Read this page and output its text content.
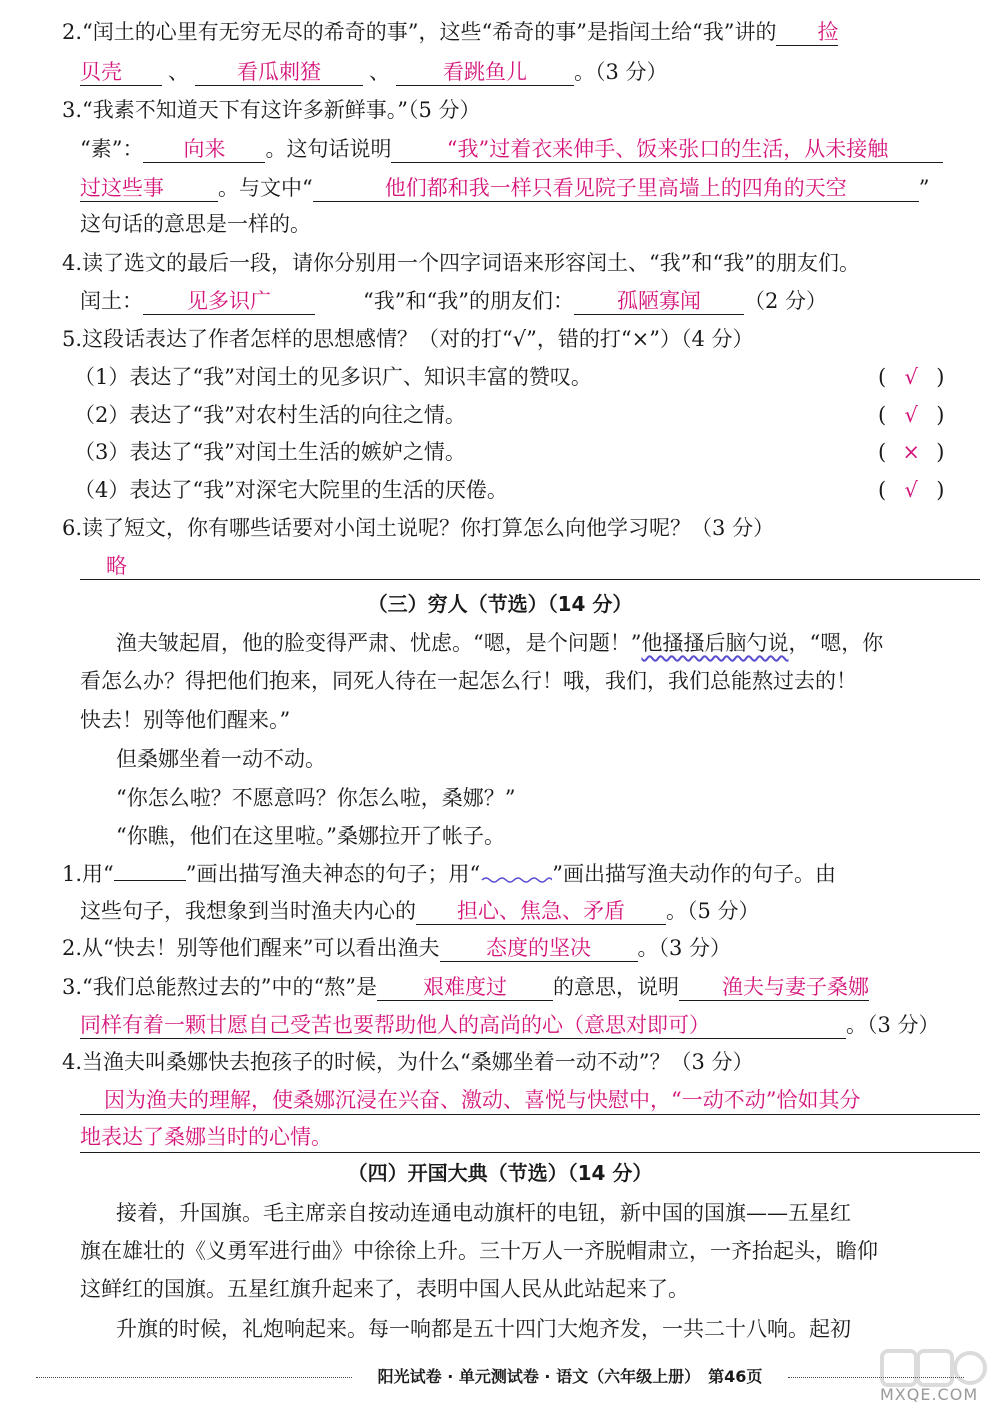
2.“闰土的心里有无穷无尽的希奇的事”，这些“希奇的事”是指闰土给“我”讲的 捡
贝壳 、 看瓜刺猹 、	看跳鱼儿 。（3 分）
3.“我素不知道天下有这许多新鲜事。”（5 分）
“素”： 向来 。这句话说明	“我”过着衣来伸手、饭来张口的生活，从未接触
过这些事	。与文中“	他们都和我一样只看见院子里高墙上的四角的天空	”
这句话的意思是一样的。
4.读了选文的最后一段，请你分别用一个四字词语来形容闰土、“我”和“我”的朋友们。
闰土： 见多识广	“我”和“我”的朋友们： 孤陋寡闻 （2 分）
5.这段话表达了作者怎样的思想感情？（对的打“√”，错的打“×”）（4 分）
（1）表达了“我”对闰土的见多识广、知识丰富的赞叹。	( √ )
（2）表达了“我”对农村生活的向往之情。	( √ )
（3）表达了“我”对闰土生活的嫉妒之情。	( × )
（4）表达了“我”对深宅大院里的生活的厌倦。	( √ )
6.读了短文，你有哪些话要对小闰土说呢？你打算怎么向他学习呢？（3 分）
略
（三）穷人（节选）（14 分）
渔夫皱起眉，他的脸变得严肃、忧虑。“嗯，是个问题！”他搔搔后脑勺说，“嗯，你
看怎么办？得把他们抱来，同死人待在一起怎么行！哦，我们，我们总能熬过去的！
快去！别等他们醒来。”
但桑娜坐着一动不动。
“你怎么啦？不愿意吗？你怎么啦，桑娜？”
“你瞧，他们在这里啦。”桑娜拉开了帐子。
1.用“	”画出描写渔夫神态的句子；用“	”画出描写渔夫动作的句子。由
这些句子，我想象到当时渔夫内心的 担心、焦急、矛盾 。（5 分）
2.从“快去！别等他们醒来”可以看出渔夫 态度的坚决 。（3 分）
3.“我们总能熬过去的”中的“熬”是 艰难度过 的意思，说明 渔夫与妻子桑娜
同样有着一颗甘愿自己受苦也要帮助他人的高尚的心（意思对即可）	。（3 分）
4.当渔夫叫桑娜快去抱孩子的时候，为什么“桑娜坐着一动不动”？（3 分）
因为渔夫的理解，使桑娜沉浸在兴奋、激动、喜悦与快慰中，“一动不动”恰如其分
地表达了桑娜当时的心情。
（四）开国大典（节选）（14 分）
接着，升国旗。毛主席亲自按动连通电动旗杆的电钮，新中国的国旗——五星红
旗在雄壮的《义勇军进行曲》中徐徐上升。三十万人一齐脱帽肃立，一齐抬起头，瞻仰
这鲜红的国旗。五星红旗升起来了，表明中国人民从此站起来了。
升旗的时候，礼炮响起来。每一响都是五十四门大炮齐发，一共二十八响。起初
阳光试卷 · 单元测试卷 · 语文（六年级上册）　第46页
MXQE.COM
